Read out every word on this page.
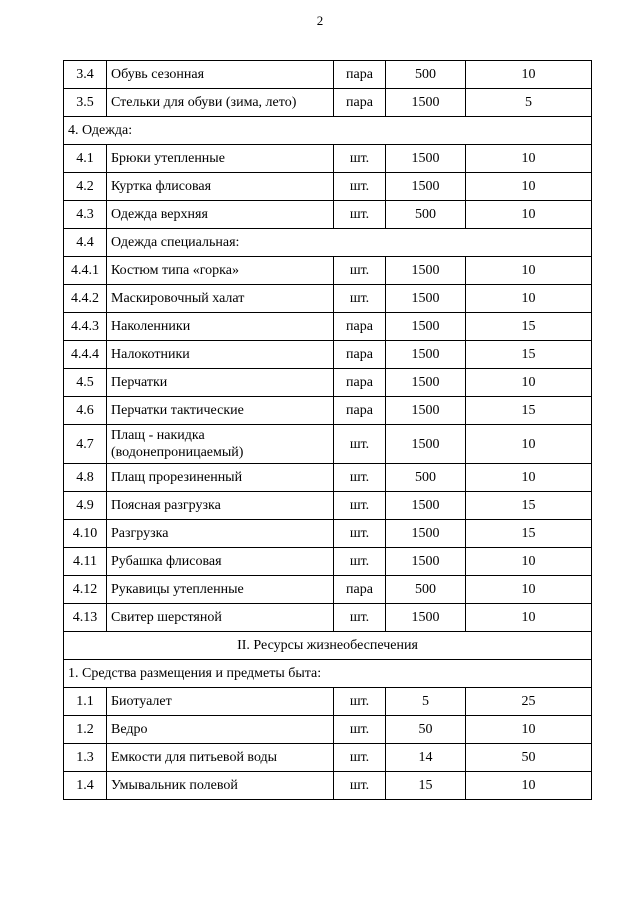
2
3.4	Обувь сезонная	пара	500	10
3.5	Стельки для обуви (зима, лето)	пара	1500	5
4. Одежда:				
4.1	Брюки утепленные	шт.	1500	10
4.2	Куртка флисовая	шт.	1500	10
4.3	Одежда верхняя	шт.	500	10
4.4	Одежда специальная:			
4.4.1	Костюм типа «горка»	шт.	1500	10
4.4.2	Маскировочный халат	шт.	1500	10
4.4.3	Наколенники	пара	1500	15
4.4.4	Налокотники	пара	1500	15
4.5	Перчатки	пара	1500	10
4.6	Перчатки тактические	пара	1500	15
4.7	Плащ - накидка (водонепроницаемый)	шт.	1500	10
4.8	Плащ прорезиненный	шт.	500	10
4.9	Поясная разгрузка	шт.	1500	15
4.10	Разгрузка	шт.	1500	15
4.11	Рубашка флисовая	шт.	1500	10
4.12	Рукавицы утепленные	пара	500	10
4.13	Свитер шерстяной	шт.	1500	10
II. Ресурсы жизнеобеспечения				
1. Средства размещения и предметы быта:				
1.1	Биотуалет	шт.	5	25
1.2	Ведро	шт.	50	10
1.3	Емкости для питьевой воды	шт.	14	50
1.4	Умывальник полевой	шт.	15	10
